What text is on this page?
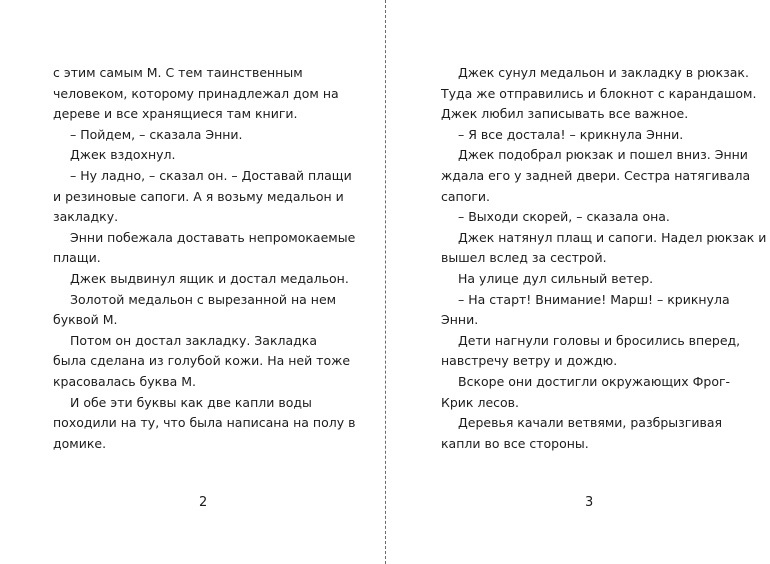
с этим самым М. С тем таинственным
человеком, которому принадлежал дом на
дереве и все хранящиеся там книги.
– Пойдем, – сказала Энни.
Джек вздохнул.
– Ну ладно, – сказал он. – Доставай плащи
и резиновые сапоги. А я возьму медальон и
закладку.
Энни побежала доставать непромокаемые
плащи.
Джек выдвинул ящик и достал медальон.
Золотой медальон с вырезанной на нем
буквой М.
Потом он достал закладку. Закладка
была сделана из голубой кожи. На ней тоже
красовалась буква М.
И обе эти буквы как две капли воды
походили на ту, что была написана на полу в
домике.
2
Джек сунул медальон и закладку в рюкзак.
Туда же отправились и блокнот с карандашом.
Джек любил записывать все важное.
– Я все достала! – крикнула Энни.
Джек подобрал рюкзак и пошел вниз. Энни
ждала его у задней двери. Сестра натягивала
сапоги.
– Выходи скорей, – сказала она.
Джек натянул плащ и сапоги. Надел рюкзак и
вышел вслед за сестрой.
На улице дул сильный ветер.
– На старт! Внимание! Марш! – крикнула
Энни.
Дети нагнули головы и бросились вперед,
навстречу ветру и дождю.
Вскоре они достигли окружающих Фрог-
Крик лесов.
Деревья качали ветвями, разбрызгивая
капли во все стороны.
3
